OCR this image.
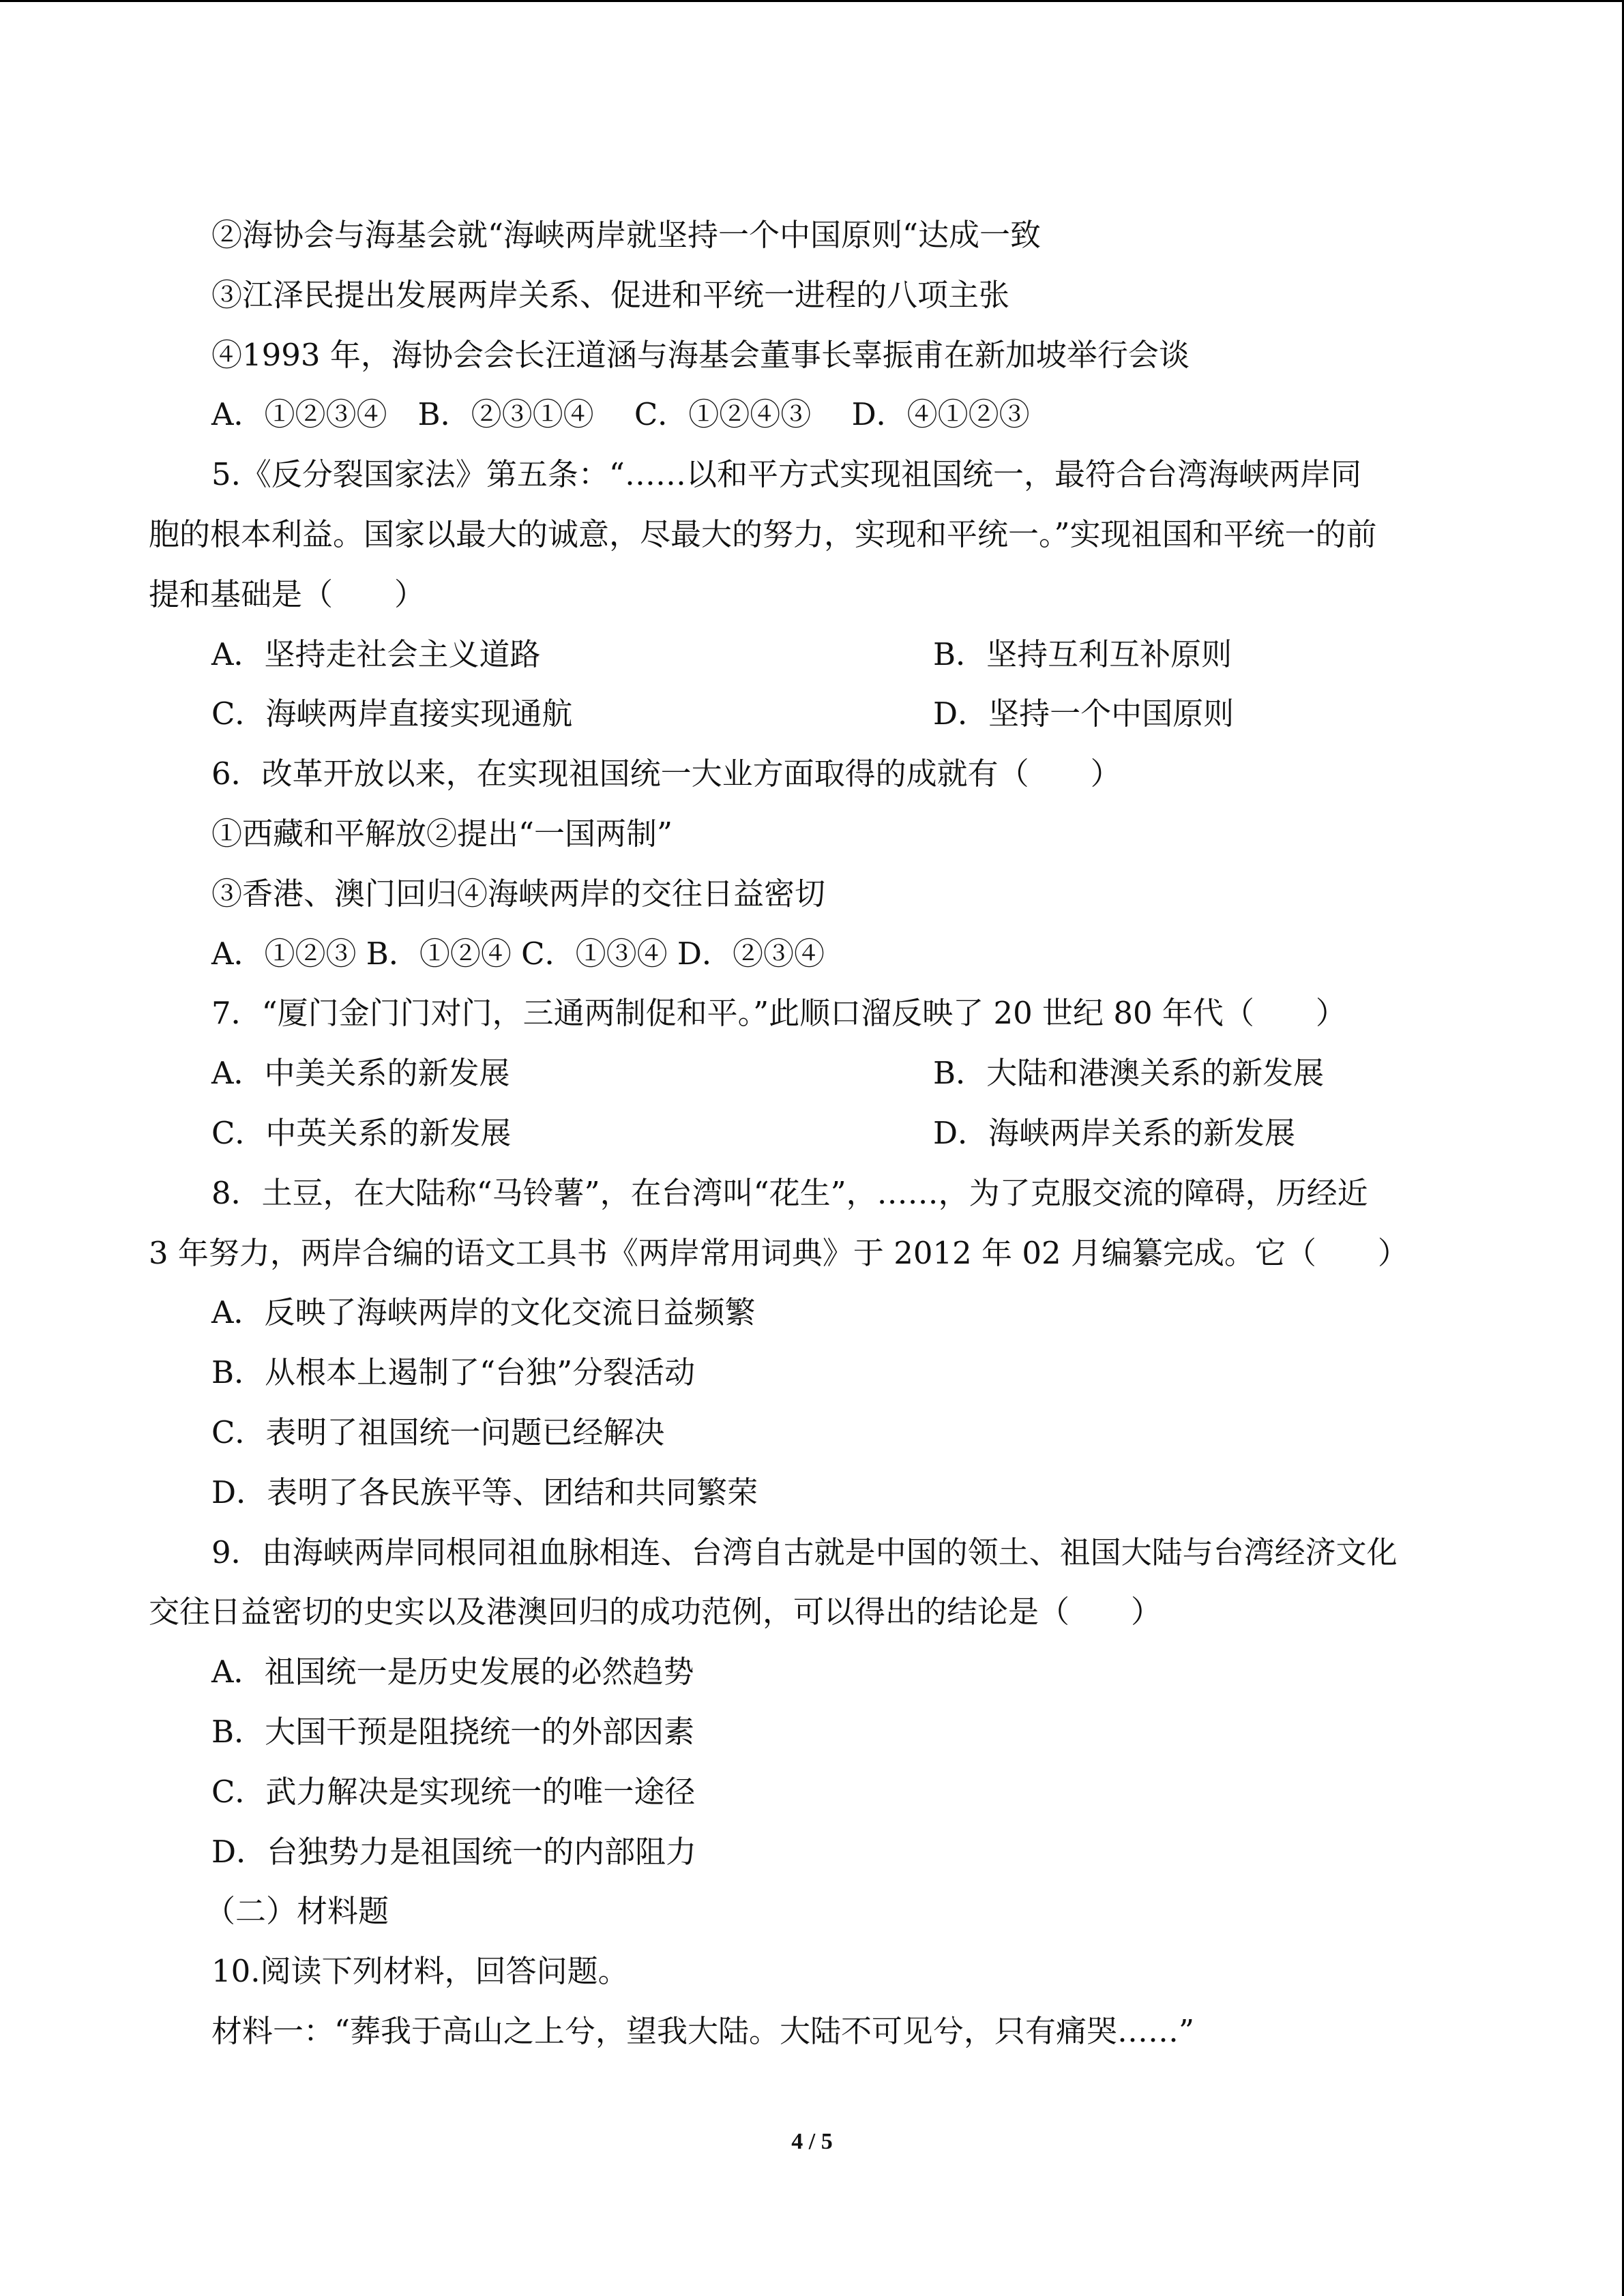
②海协会与海基会就“海峡两岸就坚持一个中国原则“达成一致
③江泽民提出发展两岸关系、促进和平统一进程的八项主张
④1993 年，海协会会长汪道涵与海基会董事长辜振甫在新加坡举行会谈
A．①②③④　B．②③①④　 C．①②④③　 D．④①②③
5.《反分裂国家法》第五条：“……以和平方式实现祖国统一，最符合台湾海峡两岸同
胞的根本利益。国家以最大的诚意，尽最大的努力，实现和平统一。”实现祖国和平统一的前
提和基础是（　　）
A．坚持走社会主义道路	B．坚持互利互补原则
C．海峡两岸直接实现通航	D．坚持一个中国原则
6．改革开放以来，在实现祖国统一大业方面取得的成就有（　　）
①西藏和平解放②提出“一国两制”
③香港、澳门回归④海峡两岸的交往日益密切
A．①②③ B．①②④ C．①③④ D．②③④
7．“厦门金门门对门，三通两制促和平。”此顺口溜反映了 20 世纪 80 年代（　　）
A．中美关系的新发展	B．大陆和港澳关系的新发展
C．中英关系的新发展	D．海峡两岸关系的新发展
8．土豆，在大陆称“马铃薯”，在台湾叫“花生”，……，为了克服交流的障碍，历经近
3 年努力，两岸合编的语文工具书《两岸常用词典》于 2012 年 02 月编纂完成。它（　　）
A．反映了海峡两岸的文化交流日益频繁
B．从根本上遏制了“台独”分裂活动
C．表明了祖国统一问题已经解决
D．表明了各民族平等、团结和共同繁荣
9．由海峡两岸同根同祖血脉相连、台湾自古就是中国的领土、祖国大陆与台湾经济文化
交往日益密切的史实以及港澳回归的成功范例，可以得出的结论是（　　）
A．祖国统一是历史发展的必然趋势
B．大国干预是阻挠统一的外部因素
C．武力解决是实现统一的唯一途径
D．台独势力是祖国统一的内部阻力
（二）材料题
10.阅读下列材料，回答问题。
材料一：“葬我于高山之上兮，望我大陆。大陆不可见兮，只有痛哭……”
4 / 5
